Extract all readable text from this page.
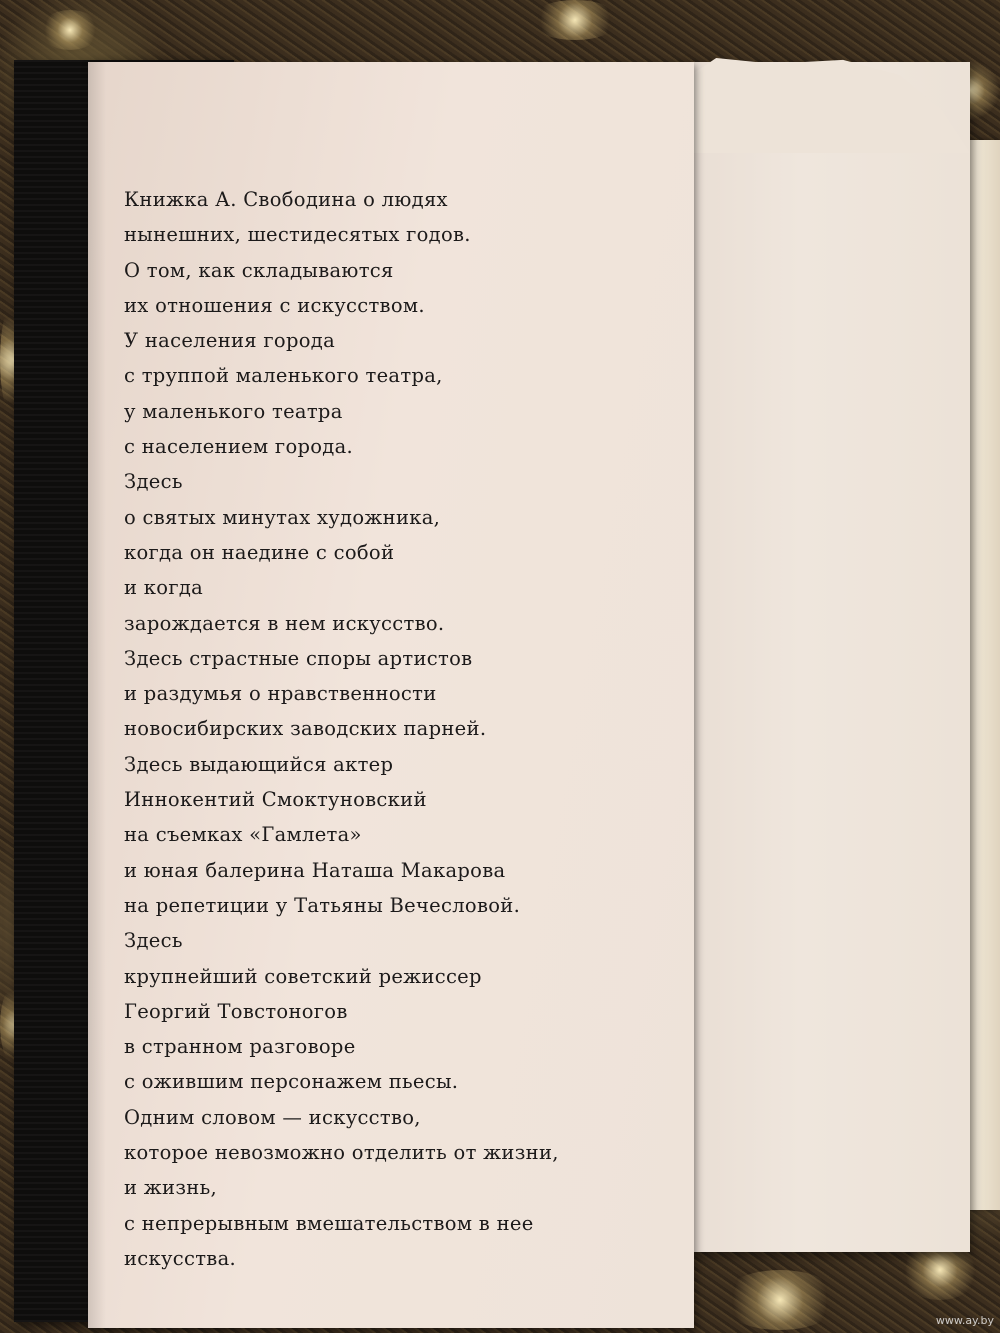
Книжка А. Свободина о людях
нынешних, шестидесятых годов.
О том, как складываются
их отношения с искусством.
У населения города
с труппой маленького театра,
у маленького театра
с населением города.
Здесь
о святых минутах художника,
когда он наедине с собой
и когда
зарождается в нем искусство.
Здесь страстные споры артистов
и раздумья о нравственности
новосибирских заводских парней.
Здесь выдающийся актер
Иннокентий Смоктуновский
на съемках «Гамлета»
и юная балерина Наташа Макарова
на репетиции у Татьяны Вечесловой.
Здесь
крупнейший советский режиссер
Георгий Товстоногов
в странном разговоре
с ожившим персонажем пьесы.
Одним словом — искусство,
которое невозможно отделить от жизни,
и жизнь,
с непрерывным вмешательством в нее
искусства.
www.ay.by
